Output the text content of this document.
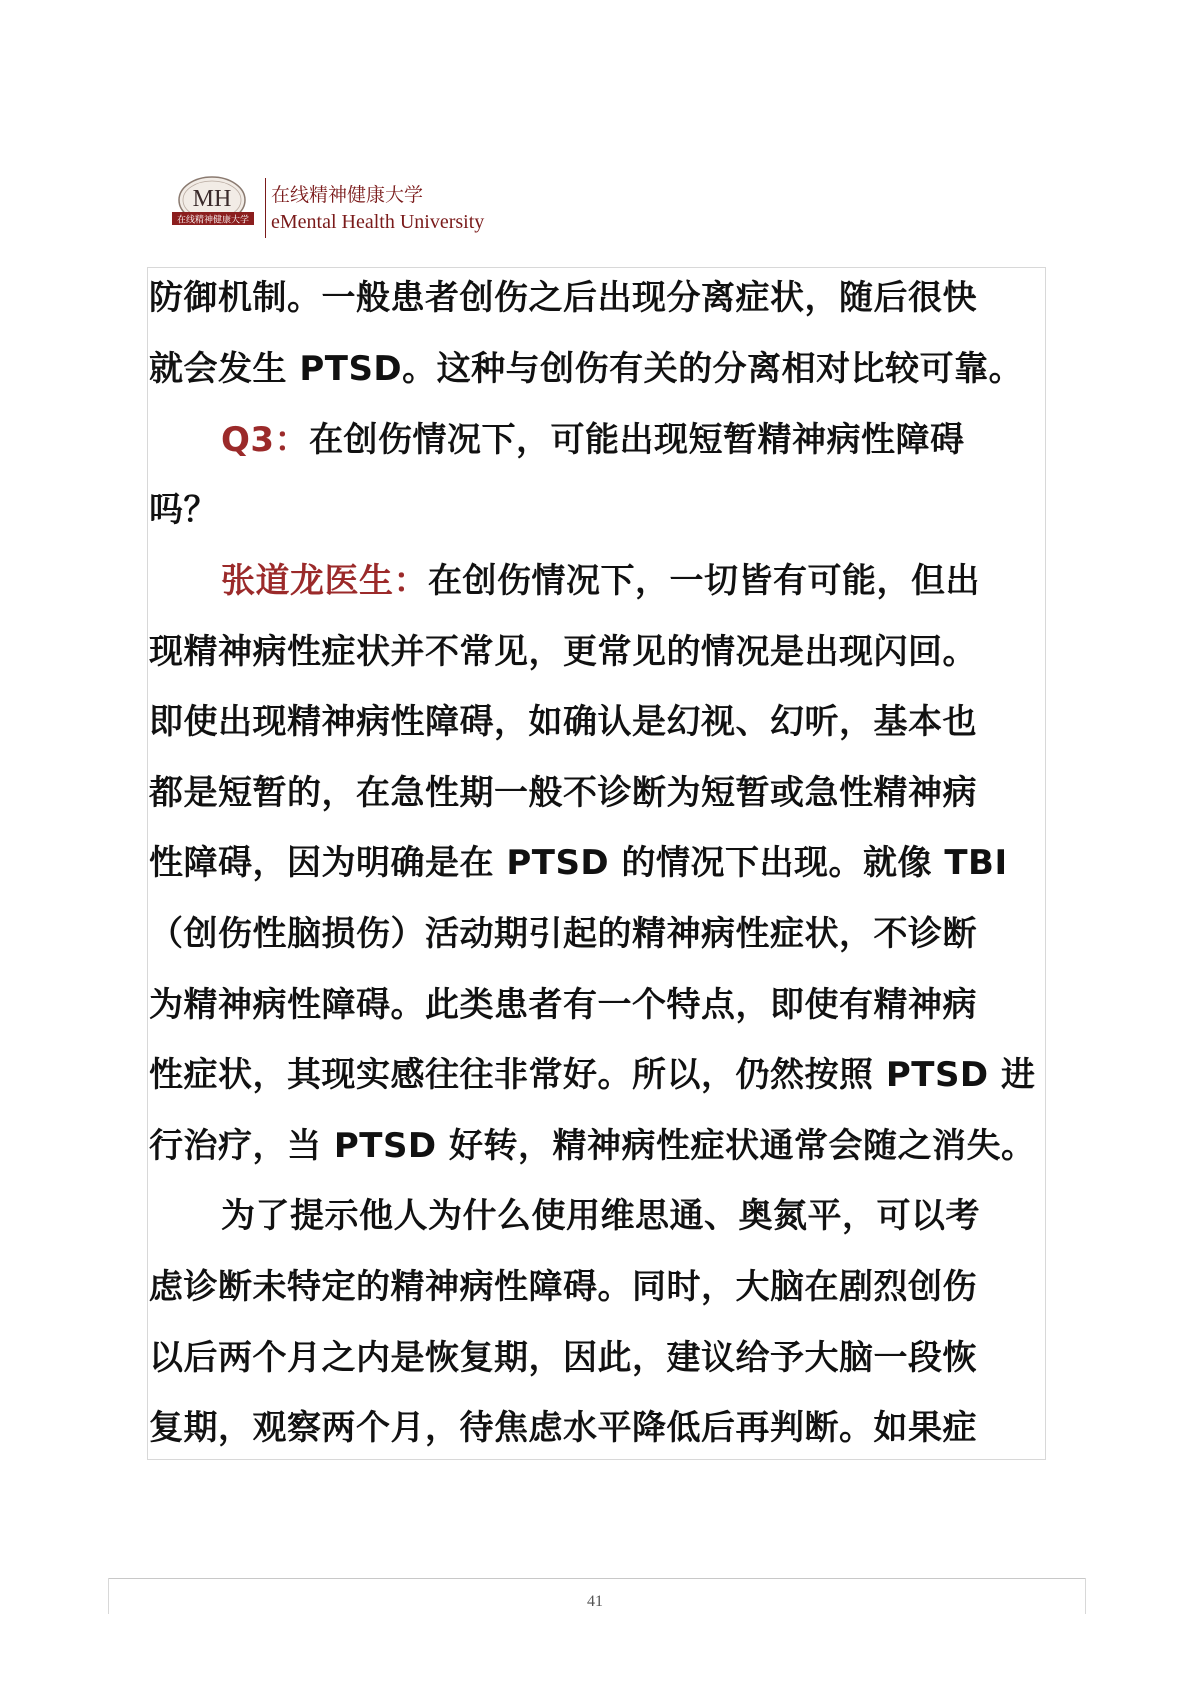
MH
在线精神健康大学
在线精神健康大学
eMental Health University
防御机制。一般患者创伤之后出现分离症状，随后很快
就会发生 PTSD。这种与创伤有关的分离相对比较可靠。
Q3：在创伤情况下，可能出现短暂精神病性障碍
吗？
张道龙医生：在创伤情况下，一切皆有可能，但出
现精神病性症状并不常见，更常见的情况是出现闪回。
即使出现精神病性障碍，如确认是幻视、幻听，基本也
都是短暂的，在急性期一般不诊断为短暂或急性精神病
性障碍，因为明确是在 PTSD 的情况下出现。就像 TBI
（创伤性脑损伤）活动期引起的精神病性症状，不诊断
为精神病性障碍。此类患者有一个特点，即使有精神病
性症状，其现实感往往非常好。所以，仍然按照 PTSD 进
行治疗，当 PTSD 好转，精神病性症状通常会随之消失。
为了提示他人为什么使用维思通、奥氮平，可以考
虑诊断未特定的精神病性障碍。同时，大脑在剧烈创伤
以后两个月之内是恢复期，因此，建议给予大脑一段恢
复期，观察两个月，待焦虑水平降低后再判断。如果症
41
